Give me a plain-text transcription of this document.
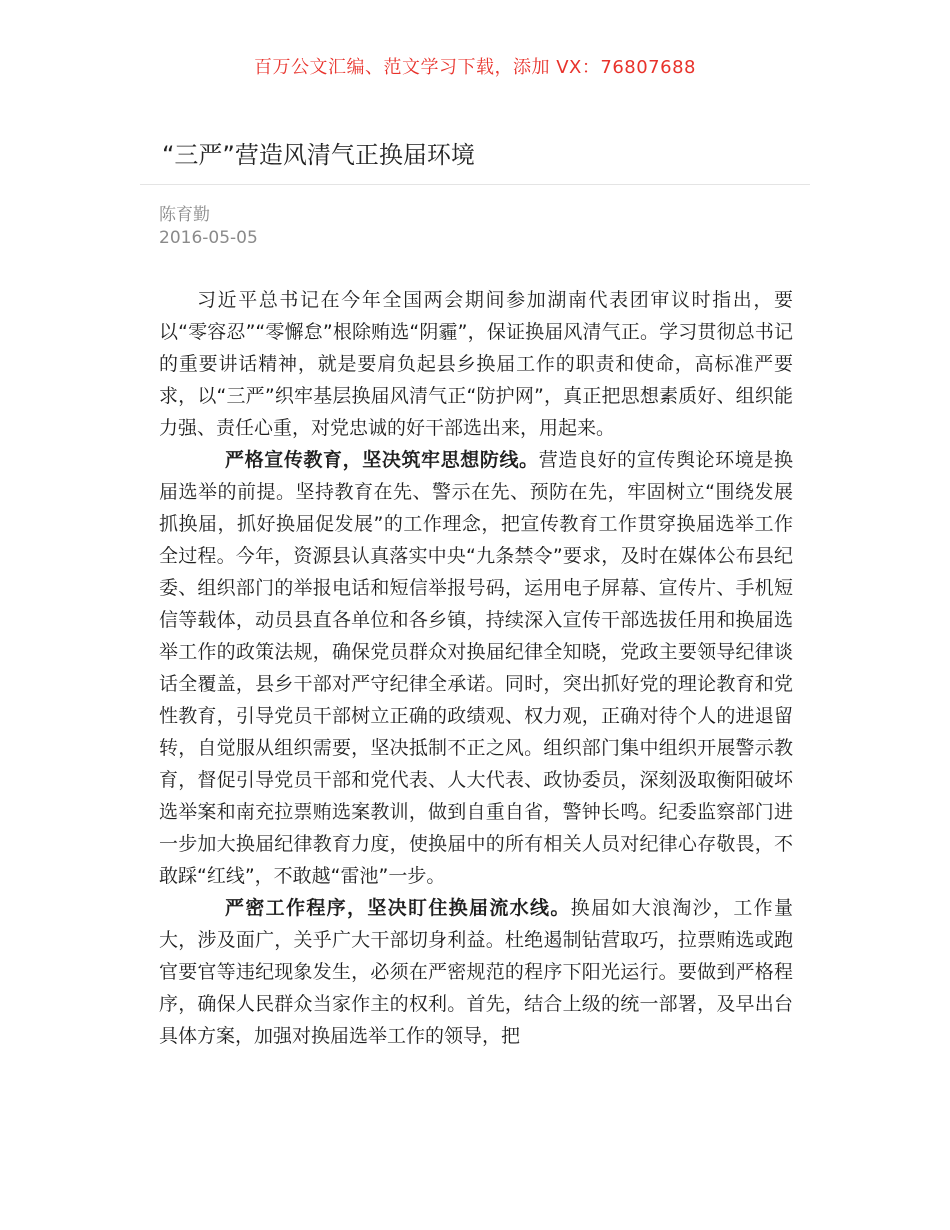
百万公文汇编、范文学习下载，添加 VX：76807688
“三严”营造风清气正换届环境
陈育勤
2016-05-05

习近平总书记在今年全国两会期间参加湖南代表团审议时指出，要以“零容忍”“零懈怠”根除贿选“阴霾”，保证换届风清气正。学习贯彻总书记的重要讲话精神，就是要肩负起县乡换届工作的职责和使命，高标准严要求，以“三严”织牢基层换届风清气正“防护网”，真正把思想素质好、组织能力强、责任心重，对党忠诚的好干部选出来，用起来。

严格宣传教育，坚决筑牢思想防线。营造良好的宣传舆论环境是换届选举的前提。坚持教育在先、警示在先、预防在先，牢固树立“围绕发展抓换届，抓好换届促发展”的工作理念，把宣传教育工作贯穿换届选举工作全过程。今年，资源县认真落实中央“九条禁令”要求，及时在媒体公布县纪委、组织部门的举报电话和短信举报号码，运用电子屏幕、宣传片、手机短信等载体，动员县直各单位和各乡镇，持续深入宣传干部选拔任用和换届选举工作的政策法规，确保党员群众对换届纪律全知晓，党政主要领导纪律谈话全覆盖，县乡干部对严守纪律全承诺。同时，突出抓好党的理论教育和党性教育，引导党员干部树立正确的政绩观、权力观，正确对待个人的进退留转，自觉服从组织需要，坚决抵制不正之风。组织部门集中组织开展警示教育，督促引导党员干部和党代表、人大代表、政协委员，深刻汲取衡阳破坏选举案和南充拉票贿选案教训，做到自重自省，警钟长鸣。纪委监察部门进一步加大换届纪律教育力度，使换届中的所有相关人员对纪律心存敬畏，不敢踩“红线”，不敢越“雷池”一步。

严密工作程序，坚决盯住换届流水线。换届如大浪淘沙，工作量大，涉及面广，关乎广大干部切身利益。杜绝遏制钻营取巧，拉票贿选或跑官要官等违纪现象发生，必须在严密规范的程序下阳光运行。要做到严格程序，确保人民群众当家作主的权利。首先，结合上级的统一部署，及早出台具体方案，加强对换届选举工作的领导，把
